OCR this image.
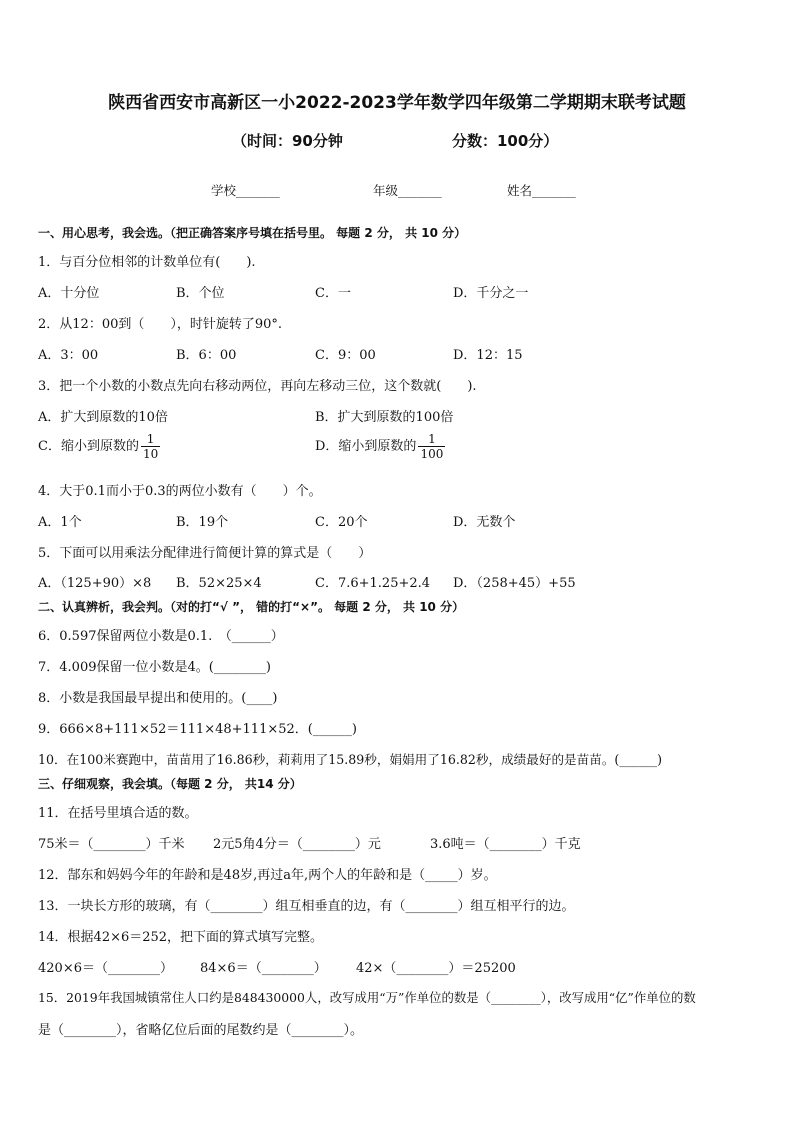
陕西省西安市高新区一小2022-2023学年数学四年级第二学期期末联考试题
（时间：90分钟	分数：100分）
学校_______	年级_______	姓名_______
一、用心思考，我会选。（把正确答案序号填在括号里。 每题 2 分， 共 10 分）
1．与百分位相邻的计数单位有(　　).
A．十分位	B．个位	C．一	D．千分之一
2．从12：00到（　　），时针旋转了90°.
A．3：00	B．6：00	C．9：00	D．12：15
3．把一个小数的小数点先向右移动两位，再向左移动三位，这个数就(　　).
A．扩大到原数的10倍	B．扩大到原数的100倍
C．缩小到原数的 $\frac{1}{10}$	D．缩小到原数的 $\frac{1}{100}$
4．大于0.1而小于0.3的两位小数有（　　）个。
A．1个	B．19个	C．20个	D．无数个
5．下面可以用乘法分配律进行简便计算的算式是（　　）
A．（125+90）×8 B．52×25×4	C．7.6+1.25+2.4 D．（258+45）+55
二、认真辨析，我会判。（对的打“√ ”， 错的打“×”。 每题 2 分， 共 10 分）
6．0.597保留两位小数是0.1.　（______）
7．4.009保留一位小数是4。(________)
8．小数是我国最早提出和使用的。(____)
9．666×8+111×52＝111×48+111×52．(______)
10．在100米赛跑中，苗苗用了16.86秒，莉莉用了15.89秒，娟娟用了16.82秒，成绩最好的是苗苗。(______)
三、仔细观察，我会填。（每题 2 分， 共14 分）
11．在括号里填合适的数。
75米＝（________）千米 2元5角4分＝（________）元	3.6吨＝（________）千克
12．郜东和妈妈今年的年龄和是48岁,再过a年,两个人的年龄和是（_____）岁。
13．一块长方形的玻璃，有（________）组互相垂直的边，有（________）组互相平行的边。
14．根据42×6＝252，把下面的算式填写完整。
420×6＝（________） 84×6＝（________） 42×（________）＝25200
15．2019年我国城镇常住人口约是848430000人，改写成用“万”作单位的数是（________），改写成用“亿”作单位的数
是（________），省略亿位后面的尾数约是（________）。
